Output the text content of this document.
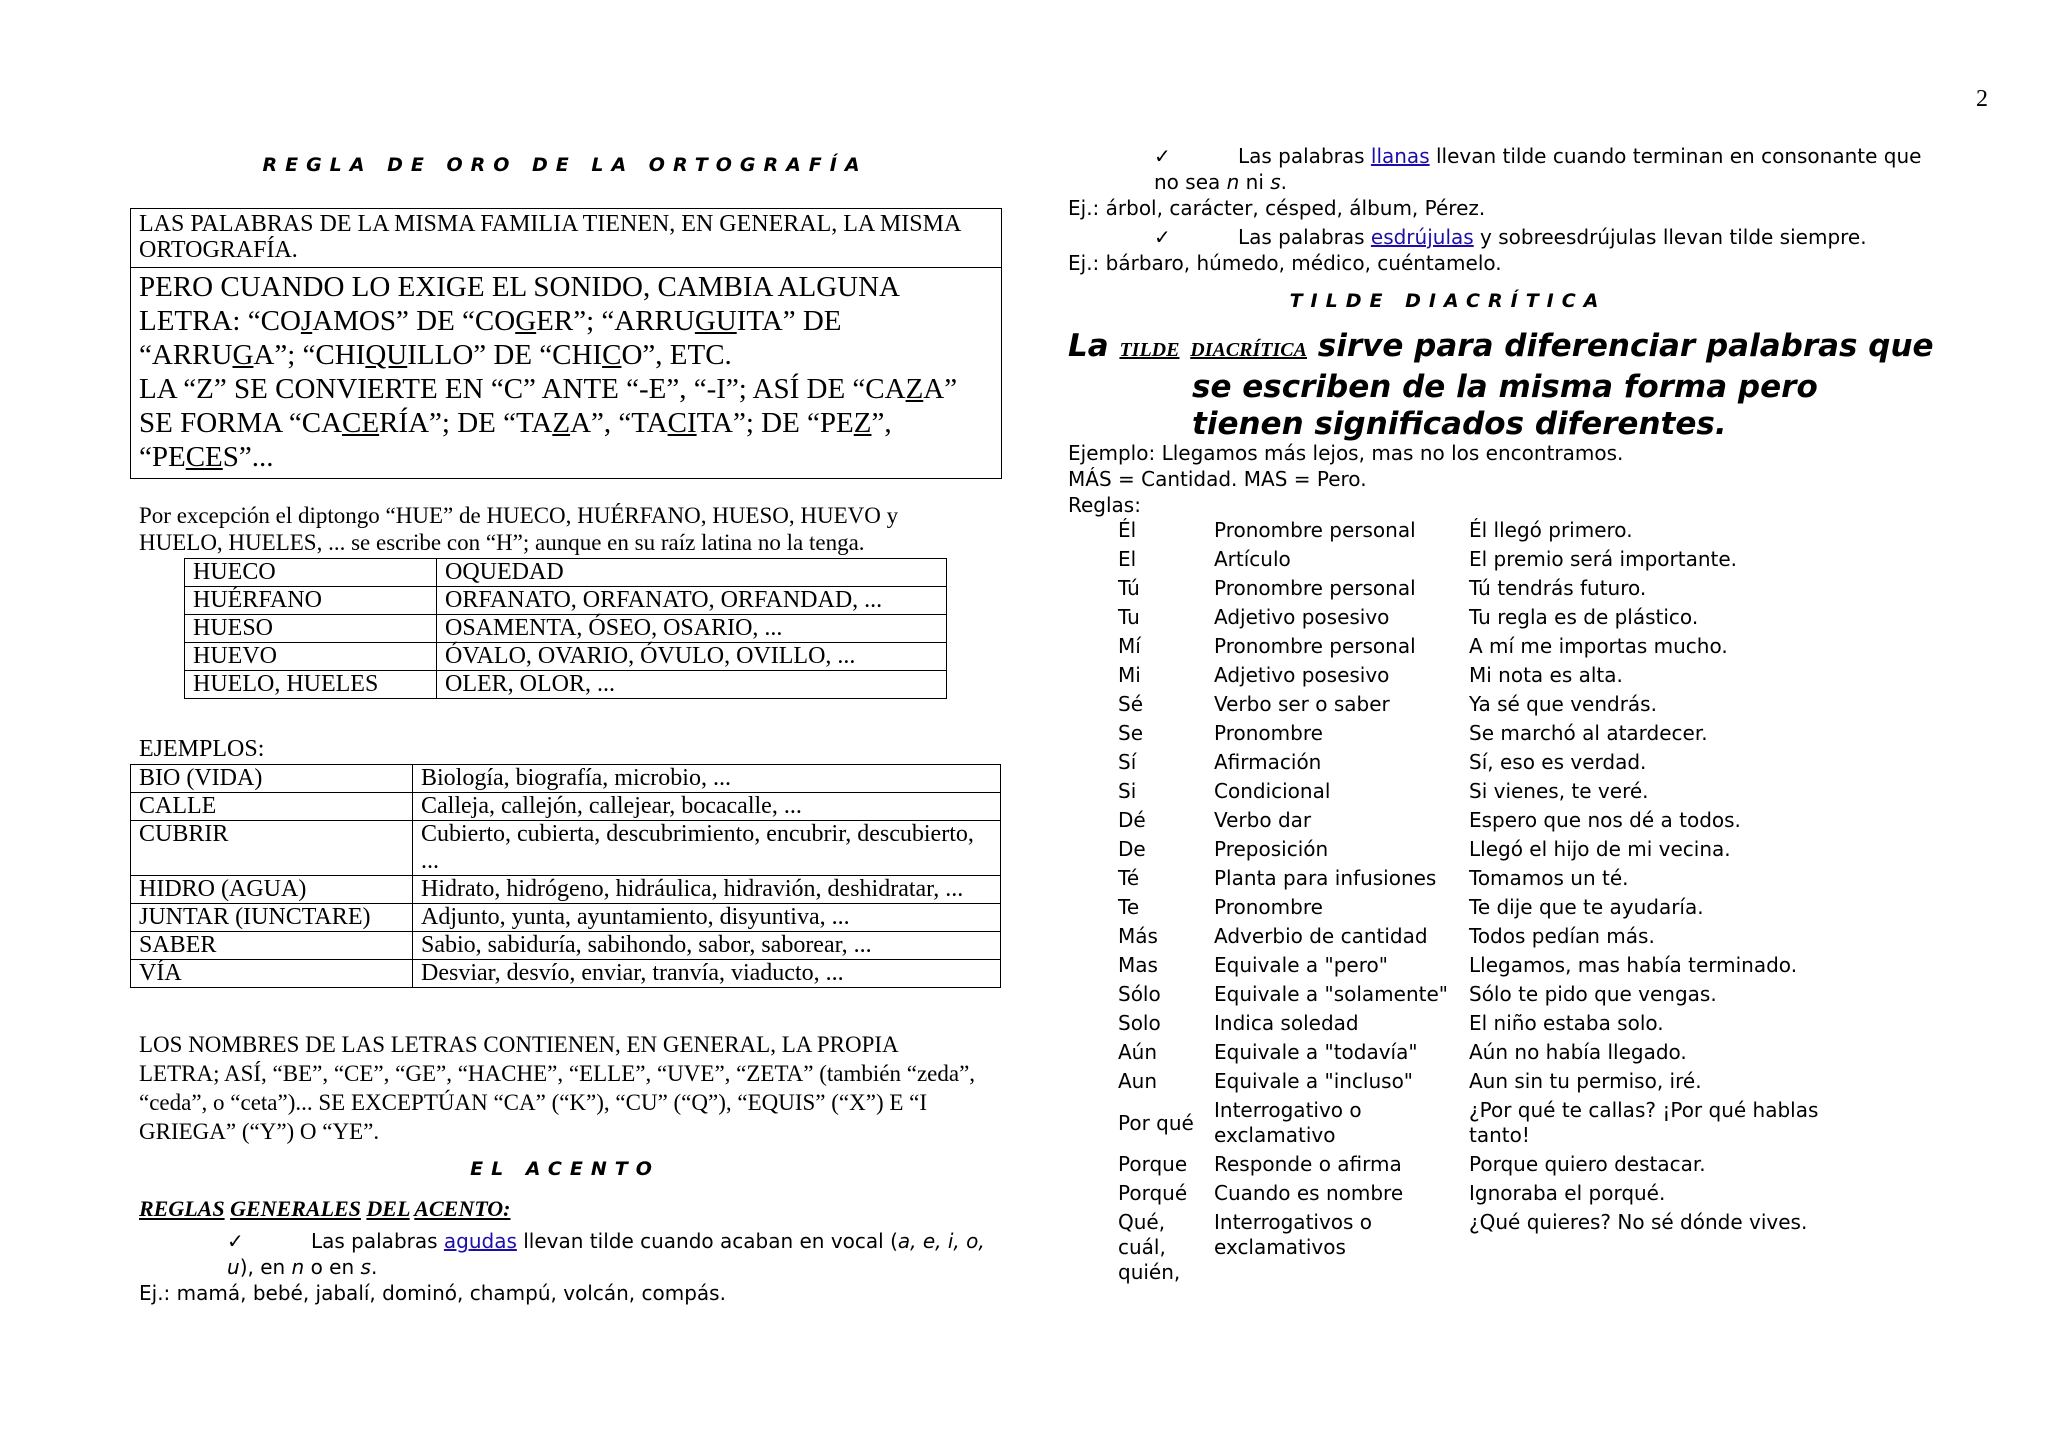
2
REGLA DE ORO DE LA ORTOGRAFÍA
LAS PALABRAS DE LA MISMA FAMILIA TIENEN, EN GENERAL, LA MISMA ORTOGRAFÍA.
PERO CUANDO LO EXIGE EL SONIDO, CAMBIA ALGUNA LETRA: “COJAMOS” DE “COGER”; “ARRUGUITA” DE “ARRUGA”; “CHIQUILLO” DE “CHICO”, ETC.
LA “Z” SE CONVIERTE EN “C” ANTE “-E”, “-I”; ASÍ DE “CAZA” SE FORMA “CACERÍA”; DE “TAZA”, “TACITA”; DE “PEZ”, “PECES”...
Por excepción el diptongo “HUE” de HUECO, HUÉRFANO, HUESO, HUEVO y HUELO, HUELES, ... se escribe con “H”; aunque en su raíz latina no la tenga.
HUECO	OQUEDAD
HUÉRFANO	ORFANATO, ORFANATO, ORFANDAD, ...
HUESO	OSAMENTA, ÓSEO, OSARIO, ...
HUEVO	ÓVALO, OVARIO, ÓVULO, OVILLO, ...
HUELO, HUELES	OLER, OLOR, ...
EJEMPLOS:
BIO (VIDA)	Biología, biografía, microbio, ...
CALLE	Calleja, callejón, callejear, bocacalle, ...
CUBRIR	Cubierto, cubierta, descubrimiento, encubrir, descubierto, ...
HIDRO (AGUA)	Hidrato, hidrógeno, hidráulica, hidravión, deshidratar, ...
JUNTAR (IUNCTARE)	Adjunto, yunta, ayuntamiento, disyuntiva, ...
SABER	Sabio, sabiduría, sabihondo, sabor, saborear, ...
VÍA	Desviar, desvío, enviar, tranvía, viaducto, ...
LOS NOMBRES DE LAS LETRAS CONTIENEN, EN GENERAL, LA PROPIA LETRA; ASÍ, “BE”, “CE”, “GE”, “HACHE”, “ELLE”, “UVE”, “ZETA” (también “zeda”, “ceda”, o “ceta”)... SE EXCEPTÚAN “CA” (“K”), “CU” (“Q”), “EQUIS” (“X”) E “I GRIEGA” (“Y”) O “YE”.
EL ACENTO
REGLAS GENERALES DEL ACENTO:
✓	Las palabras agudas llevan tilde cuando acaban en vocal (a, e, i, o, u), en n o en s.
Ej.: mamá, bebé, jabalí, dominó, champú, volcán, compás.
✓	Las palabras llanas llevan tilde cuando terminan en consonante que no sea n ni s.
Ej.: árbol, carácter, césped, álbum, Pérez.
✓	Las palabras esdrújulas y sobreesdrújulas llevan tilde siempre.
Ej.: bárbaro, húmedo, médico, cuéntamelo.
TILDE DIACRÍTICA
La TILDE DIACRÍTICA sirve para diferenciar palabras que se escriben de la misma forma pero tienen significados diferentes.
Ejemplo: Llegamos más lejos, mas no los encontramos.
MÁS = Cantidad. MAS = Pero.
Reglas:
Él	Pronombre personal	Él llegó primero.
El	Artículo	El premio será importante.
Tú	Pronombre personal	Tú tendrás futuro.
Tu	Adjetivo posesivo	Tu regla es de plástico.
Mí	Pronombre personal	A mí me importas mucho.
Mi	Adjetivo posesivo	Mi nota es alta.
Sé	Verbo ser o saber	Ya sé que vendrás.
Se	Pronombre	Se marchó al atardecer.
Sí	Afirmación	Sí, eso es verdad.
Si	Condicional	Si vienes, te veré.
Dé	Verbo dar	Espero que nos dé a todos.
De	Preposición	Llegó el hijo de mi vecina.
Té	Planta para infusiones	Tomamos un té.
Te	Pronombre	Te dije que te ayudaría.
Más	Adverbio de cantidad	Todos pedían más.
Mas	Equivale a "pero"	Llegamos, mas había terminado.
Sólo	Equivale a "solamente"	Sólo te pido que vengas.
Solo	Indica soledad	El niño estaba solo.
Aún	Equivale a "todavía"	Aún no había llegado.
Aun	Equivale a "incluso"	Aun sin tu permiso, iré.
Por qué	Interrogativo o exclamativo	¿Por qué te callas? ¡Por qué hablas tanto!
Porque	Responde o afirma	Porque quiero destacar.
Porqué	Cuando es nombre	Ignoraba el porqué.
Qué, cuál, quién,	Interrogativos o exclamativos	¿Qué quieres? No sé dónde vives.
